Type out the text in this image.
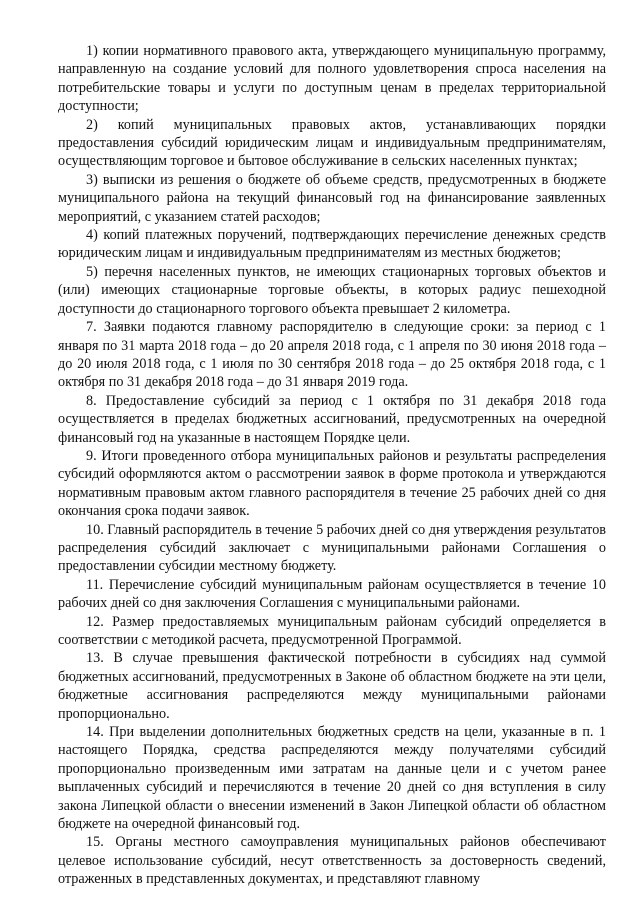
1) копии нормативного правового акта, утверждающего муниципальную программу, направленную на создание условий для полного удовлетворения спроса населения на потребительские товары и услуги по доступным ценам в пределах территориальной доступности;

2) копий муниципальных правовых актов, устанавливающих порядки предоставления субсидий юридическим лицам и индивидуальным предпринимателям, осуществляющим торговое и бытовое обслуживание в сельских населенных пунктах;

3) выписки из решения о бюджете об объеме средств, предусмотренных в бюджете муниципального района на текущий финансовый год на финансирование заявленных мероприятий, с указанием статей расходов;

4) копий платежных поручений, подтверждающих перечисление денежных средств юридическим лицам и индивидуальным предпринимателям из местных бюджетов;

5) перечня населенных пунктов, не имеющих стационарных торговых объектов и (или) имеющих стационарные торговые объекты, в которых радиус пешеходной доступности до стационарного торгового объекта превышает 2 километра.

7. Заявки подаются главному распорядителю в следующие сроки: за период с 1 января по 31 марта 2018 года – до 20 апреля 2018 года, с 1 апреля по 30 июня 2018 года – до 20 июля 2018 года, с 1 июля по 30 сентября 2018 года – до 25 октября 2018 года, с 1 октября по 31 декабря 2018 года – до 31 января 2019 года.

8. Предоставление субсидий за период с 1 октября по 31 декабря 2018 года осуществляется в пределах бюджетных ассигнований, предусмотренных на очередной финансовый год на указанные в настоящем Порядке цели.

9. Итоги проведенного отбора муниципальных районов и результаты распределения субсидий оформляются актом о рассмотрении заявок в форме протокола и утверждаются нормативным правовым актом главного распорядителя в течение 25 рабочих дней со дня окончания срока подачи заявок.

10. Главный распорядитель в течение 5 рабочих дней со дня утверждения результатов распределения субсидий заключает с муниципальными районами Соглашения о предоставлении субсидии местному бюджету.

11. Перечисление субсидий муниципальным районам осуществляется в течение 10 рабочих дней со дня заключения Соглашения с муниципальными районами.

12. Размер предоставляемых муниципальным районам субсидий определяется в соответствии с методикой расчета, предусмотренной Программой.

13. В случае превышения фактической потребности в субсидиях над суммой бюджетных ассигнований, предусмотренных в Законе об областном бюджете на эти цели, бюджетные ассигнования распределяются между муниципальными районами пропорционально.

14. При выделении дополнительных бюджетных средств на цели, указанные в п. 1 настоящего Порядка, средства распределяются между получателями субсидий пропорционально произведенным ими затратам на данные цели и с учетом ранее выплаченных субсидий и перечисляются в течение 20 дней со дня вступления в силу закона Липецкой области о внесении изменений в Закон Липецкой области об областном бюджете на очередной финансовый год.

15. Органы местного самоуправления муниципальных районов обеспечивают целевое использование субсидий, несут ответственность за достоверность сведений, отраженных в представленных документах, и представляют главному
